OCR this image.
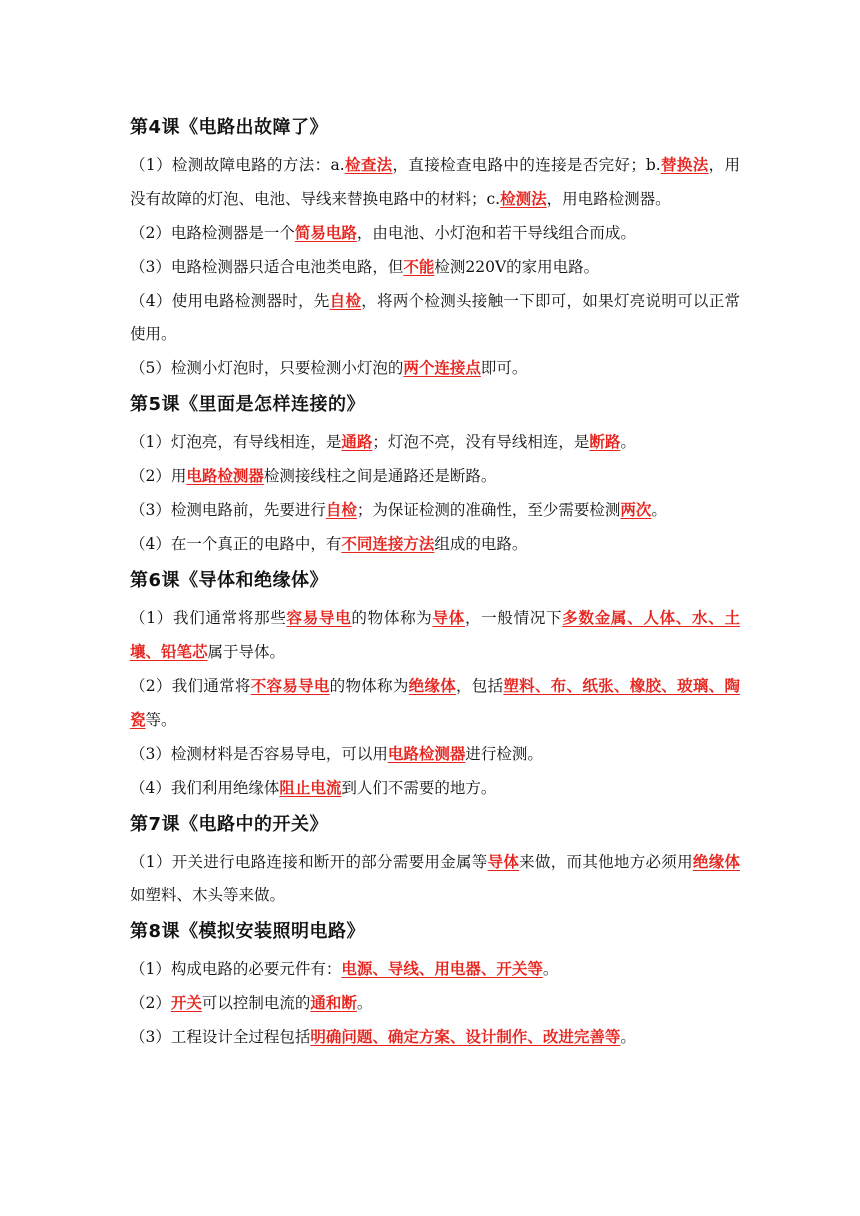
第4课《电路出故障了》

（1）检测故障电路的方法：a.检查法，直接检查电路中的连接是否完好；b.替换法，用没有故障的灯泡、电池、导线来替换电路中的材料；c.检测法，用电路检测器。

（2）电路检测器是一个简易电路，由电池、小灯泡和若干导线组合而成。

（3）电路检测器只适合电池类电路，但不能检测220V的家用电路。

（4）使用电路检测器时，先自检，将两个检测头接触一下即可，如果灯亮说明可以正常使用。

（5）检测小灯泡时，只要检测小灯泡的两个连接点即可。

第5课《里面是怎样连接的》

（1）灯泡亮，有导线相连，是通路；灯泡不亮，没有导线相连，是断路。

（2）用电路检测器检测接线柱之间是通路还是断路。

（3）检测电路前，先要进行自检；为保证检测的准确性，至少需要检测两次。

（4）在一个真正的电路中，有不同连接方法组成的电路。

第6课《导体和绝缘体》

（1）我们通常将那些容易导电的物体称为导体，一般情况下多数金属、人体、水、土壤、铅笔芯属于导体。

（2）我们通常将不容易导电的物体称为绝缘体，包括塑料、布、纸张、橡胶、玻璃、陶瓷等。

（3）检测材料是否容易导电，可以用电路检测器进行检测。

（4）我们利用绝缘体阻止电流到人们不需要的地方。

第7课《电路中的开关》

（1）开关进行电路连接和断开的部分需要用金属等导体来做，而其他地方必须用绝缘体如塑料、木头等来做。

第8课《模拟安装照明电路》

（1）构成电路的必要元件有：电源、导线、用电器、开关等。

（2）开关可以控制电流的通和断。

（3）工程设计全过程包括明确问题、确定方案、设计制作、改进完善等。
